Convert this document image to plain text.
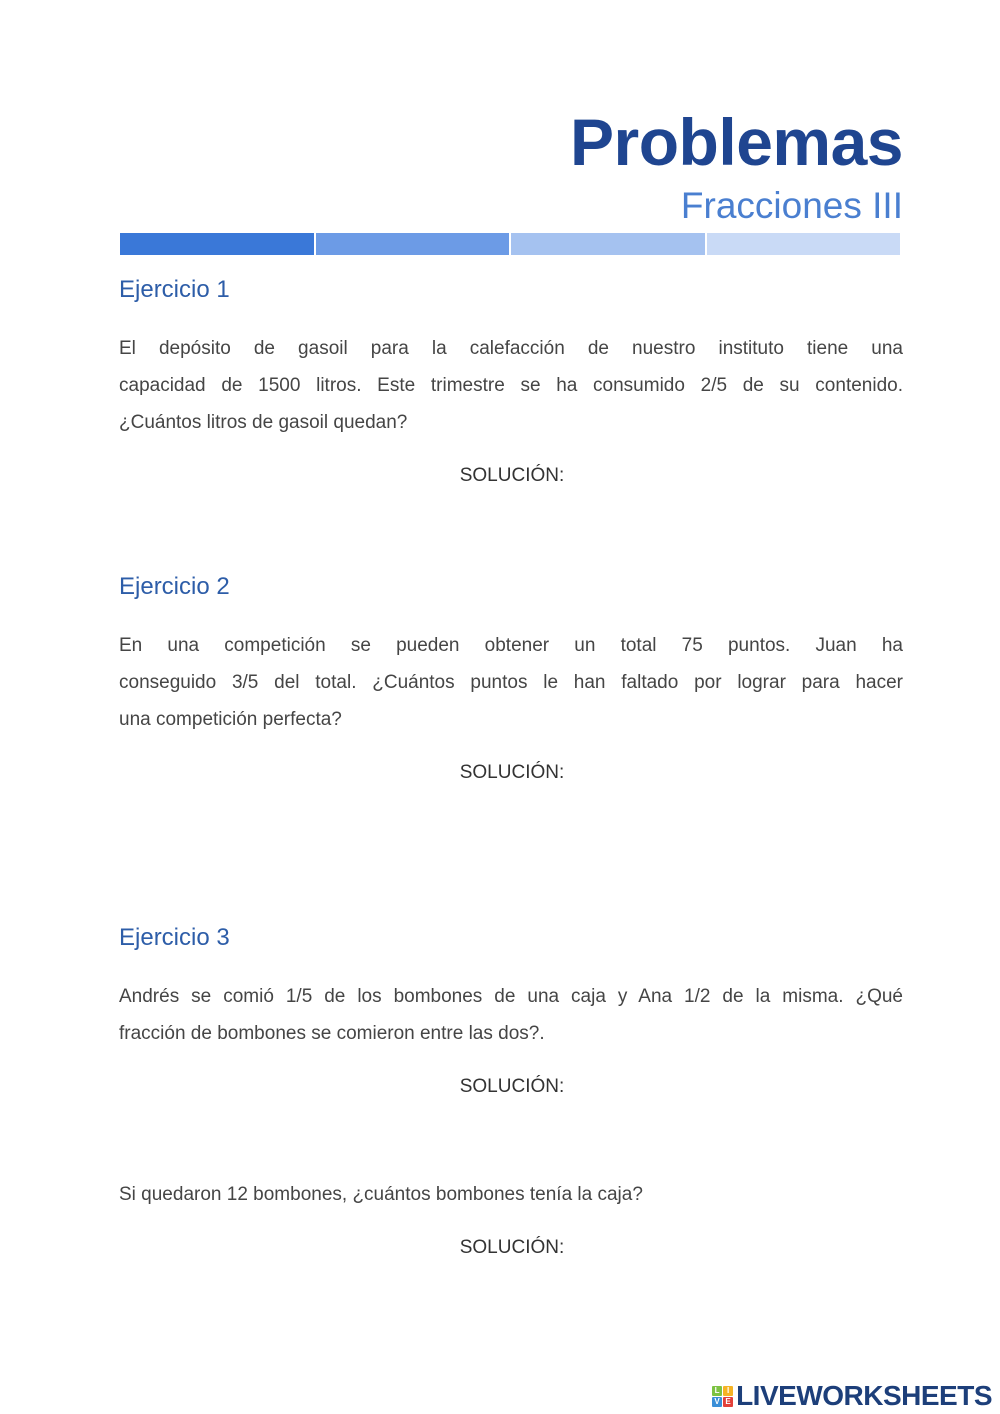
Problemas
Fracciones III
Ejercicio 1
El depósito de gasoil para la calefacción de nuestro instituto tiene una
capacidad de 1500 litros. Este trimestre se ha consumido 2/5 de su contenido.
¿Cuántos litros de gasoil quedan?
SOLUCIÓN:
Ejercicio 2
En una competición se pueden obtener un total 75 puntos. Juan ha
conseguido 3/5 del total. ¿Cuántos puntos le han faltado por lograr para hacer
una competición perfecta?
SOLUCIÓN:
Ejercicio 3
Andrés se comió 1/5 de los bombones de una caja y Ana 1/2 de la misma. ¿Qué
fracción de bombones se comieron entre las dos?.
SOLUCIÓN:
Si quedaron 12 bombones, ¿cuántos bombones tenía la caja?
SOLUCIÓN:
L I
V E LIVEWORKSHEETS
